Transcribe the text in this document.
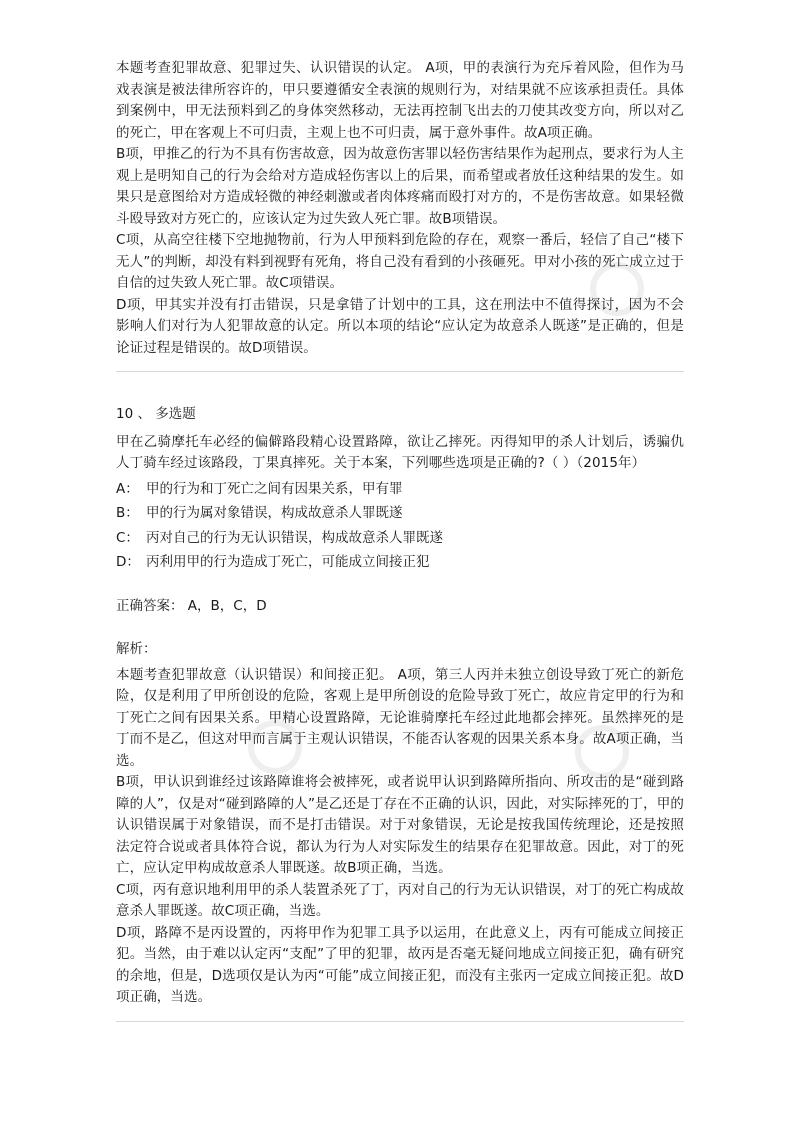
本题考查犯罪故意、犯罪过失、认识错误的认定。 A项，甲的表演行为充斥着风险，但作为马戏表演是被法律所容许的，甲只要遵循安全表演的规则行为，对结果就不应该承担责任。具体到案例中，甲无法预料到乙的身体突然移动，无法再控制飞出去的刀使其改变方向，所以对乙的死亡，甲在客观上不可归责，主观上也不可归责，属于意外事件。故A项正确。

B项，甲推乙的行为不具有伤害故意，因为故意伤害罪以轻伤害结果作为起刑点，要求行为人主观上是明知自己的行为会给对方造成轻伤害以上的后果，而希望或者放任这种结果的发生。如果只是意图给对方造成轻微的神经刺激或者肉体疼痛而殴打对方的，不是伤害故意。如果轻微斗殴导致对方死亡的，应该认定为过失致人死亡罪。故B项错误。

C项，从高空往楼下空地抛物前，行为人甲预料到危险的存在，观察一番后，轻信了自己“楼下无人”的判断，却没有料到视野有死角，将自己没有看到的小孩砸死。甲对小孩的死亡成立过于自信的过失致人死亡罪。故C项错误。

D项，甲其实并没有打击错误，只是拿错了计划中的工具，这在刑法中不值得探讨，因为不会影响人们对行为人犯罪故意的认定。所以本项的结论“应认定为故意杀人既遂”是正确的，但是论证过程是错误的。故D项错误。

10 、 多选题

甲在乙骑摩托车必经的偏僻路段精心设置路障，欲让乙摔死。丙得知甲的杀人计划后，诱骗仇人丁骑车经过该路段，丁果真摔死。关于本案，下列哪些选项是正确的?（ ）（2015年）

A： 甲的行为和丁死亡之间有因果关系，甲有罪
B： 甲的行为属对象错误，构成故意杀人罪既遂
C： 丙对自己的行为无认识错误，构成故意杀人罪既遂
D： 丙利用甲的行为造成丁死亡，可能成立间接正犯
正确答案： A，B，C，D
解析：

本题考查犯罪故意（认识错误）和间接正犯。 A项，第三人丙并未独立创设导致丁死亡的新危险，仅是利用了甲所创设的危险，客观上是甲所创设的危险导致丁死亡，故应肯定甲的行为和丁死亡之间有因果关系。甲精心设置路障，无论谁骑摩托车经过此地都会摔死。虽然摔死的是丁而不是乙，但这对甲而言属于主观认识错误，不能否认客观的因果关系本身。故A项正确，当选。

B项，甲认识到谁经过该路障谁将会被摔死，或者说甲认识到路障所指向、所攻击的是“碰到路障的人”，仅是对“碰到路障的人”是乙还是丁存在不正确的认识，因此，对实际摔死的丁，甲的认识错误属于对象错误，而不是打击错误。对于对象错误，无论是按我国传统理论，还是按照法定符合说或者具体符合说，都认为行为人对实际发生的结果存在犯罪故意。因此，对丁的死亡，应认定甲构成故意杀人罪既遂。故B项正确，当选。

C项，丙有意识地利用甲的杀人装置杀死了丁，丙对自己的行为无认识错误，对丁的死亡构成故意杀人罪既遂。故C项正确，当选。

D项，路障不是丙设置的，丙将甲作为犯罪工具予以运用，在此意义上，丙有可能成立间接正犯。当然，由于难以认定丙“支配”了甲的犯罪，故丙是否毫无疑问地成立间接正犯，确有研究的余地，但是，D选项仅是认为丙“可能”成立间接正犯，而没有主张丙一定成立间接正犯。故D项正确，当选。
